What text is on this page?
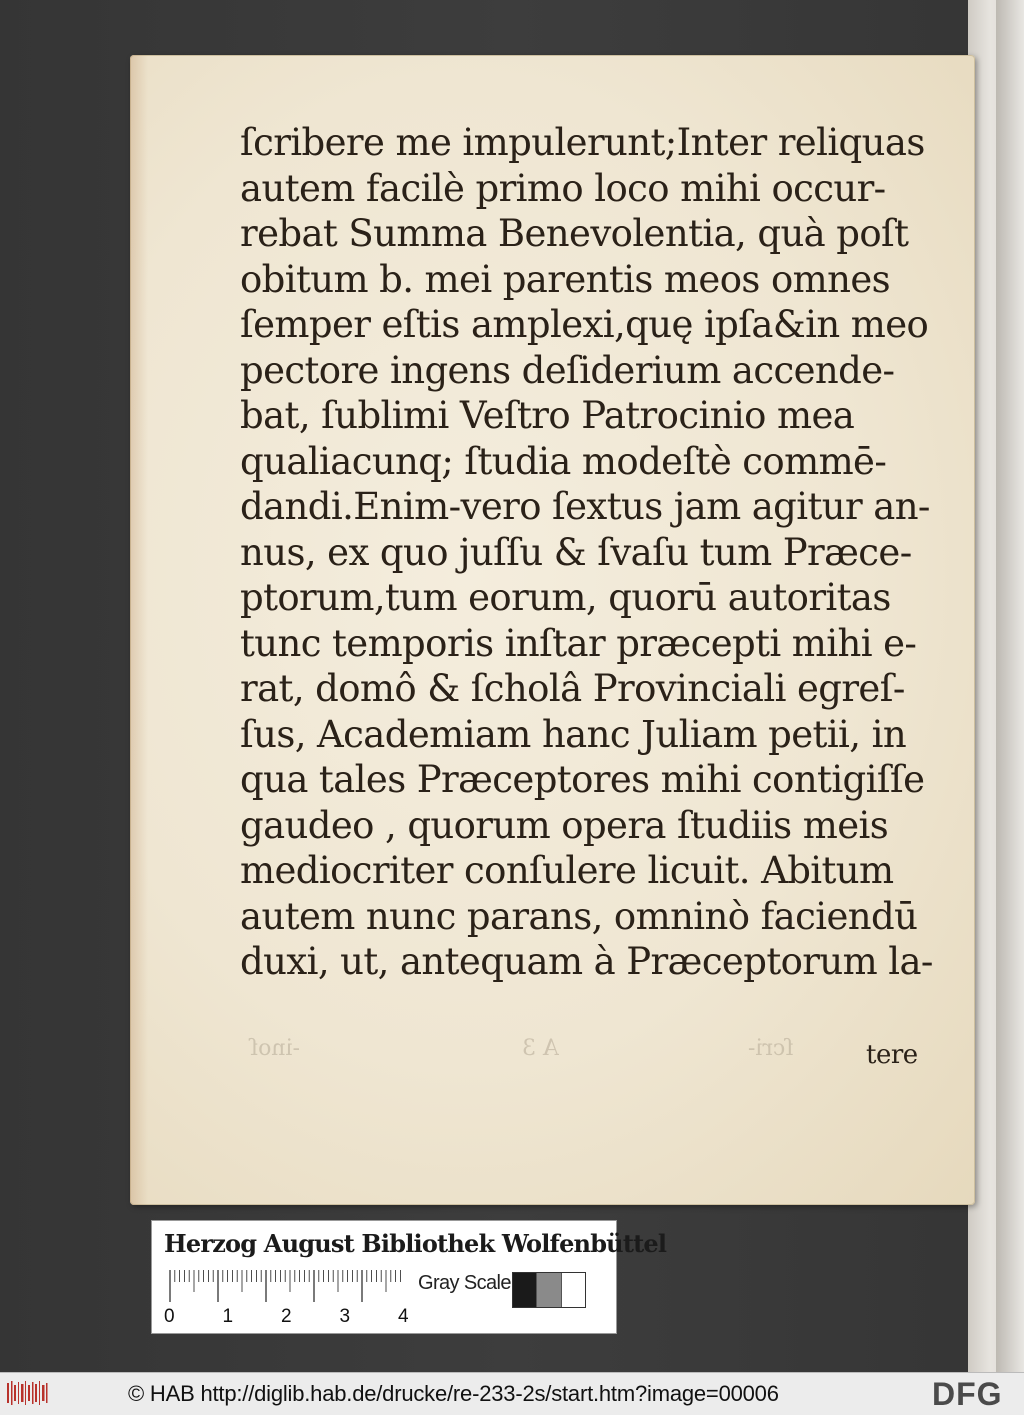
ſcribere me impulerunt;Inter reliquas
autem facilè primo loco mihi occur-
rebat Summa Benevolentia, quà poſt
obitum b. mei parentis meos omnes
ſemper eſtis amplexi,quę ipſa&in meo
pectore ingens deſiderium accende-
bat, ſublimi Veſtro Patrocinio mea
qualiacunq; ſtudia modeſtè commē-
dandi.Enim-vero ſextus jam agitur an-
nus, ex quo juſſu & ſvaſu tum Præce-
ptorum,tum eorum, quorū autoritas
tunc temporis inſtar præcepti mihi e-
rat, domô & ſcholâ Provinciali egreſ-
ſus, Academiam hanc Juliam petii, in
qua tales Præceptores mihi contigiſſe
gaudeo , quorum opera ſtudiis meis
mediocriter conſulere licuit. Abitum
autem nunc parans, omninò faciendū
duxi, ut, antequam à Præceptorum la-
-inoſ	A 3	ſcri-	tere
Herzog August Bibliothek Wolfenbüttel
0	1	2	3	4
Gray Scale
© HAB http://diglib.hab.de/drucke/re-233-2s/start.htm?image=00006	DFG
